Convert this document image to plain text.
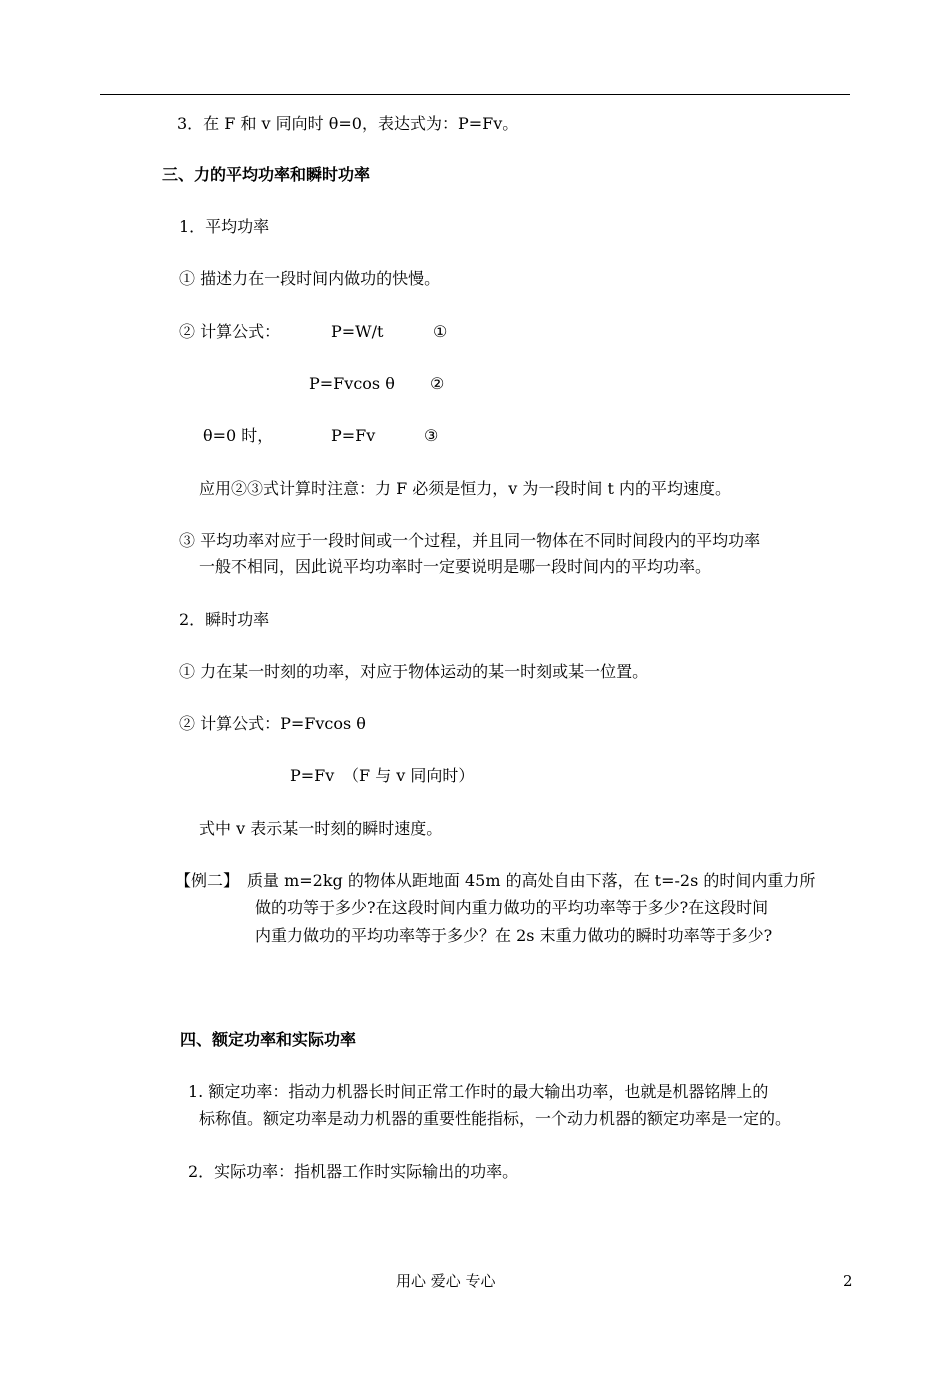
3．在 F 和 v 同向时 θ=0，表达式为：P=Fv。
三、力的平均功率和瞬时功率
1．平均功率
① 描述力在一段时间内做功的快慢。
② 计算公式：	P=W/t	①
P=Fvcos θ ②
θ=0 时，	P=Fv	③
应用②③式计算时注意：力 F 必须是恒力，v 为一段时间 t 内的平均速度。
③ 平均功率对应于一段时间或一个过程，并且同一物体在不同时间段内的平均功率
一般不相同，因此说平均功率时一定要说明是哪一段时间内的平均功率。
2．瞬时功率
① 力在某一时刻的功率，对应于物体运动的某一时刻或某一位置。
② 计算公式：P=Fvcos θ
P=Fv （F 与 v 同向时）
式中 v 表示某一时刻的瞬时速度。
【例二】 质量 m=2kg 的物体从距地面 45m 的高处自由下落，在 t=-2s 的时间内重力所
做的功等于多少?在这段时间内重力做功的平均功率等于多少?在这段时间
内重力做功的平均功率等于多少？在 2s 末重力做功的瞬时功率等于多少?
四、额定功率和实际功率
1. 额定功率：指动力机器长时间正常工作时的最大输出功率，也就是机器铭牌上的
标称值。额定功率是动力机器的重要性能指标，一个动力机器的额定功率是一定的。
2．实际功率：指机器工作时实际输出的功率。
用心 爱心 专心	2
